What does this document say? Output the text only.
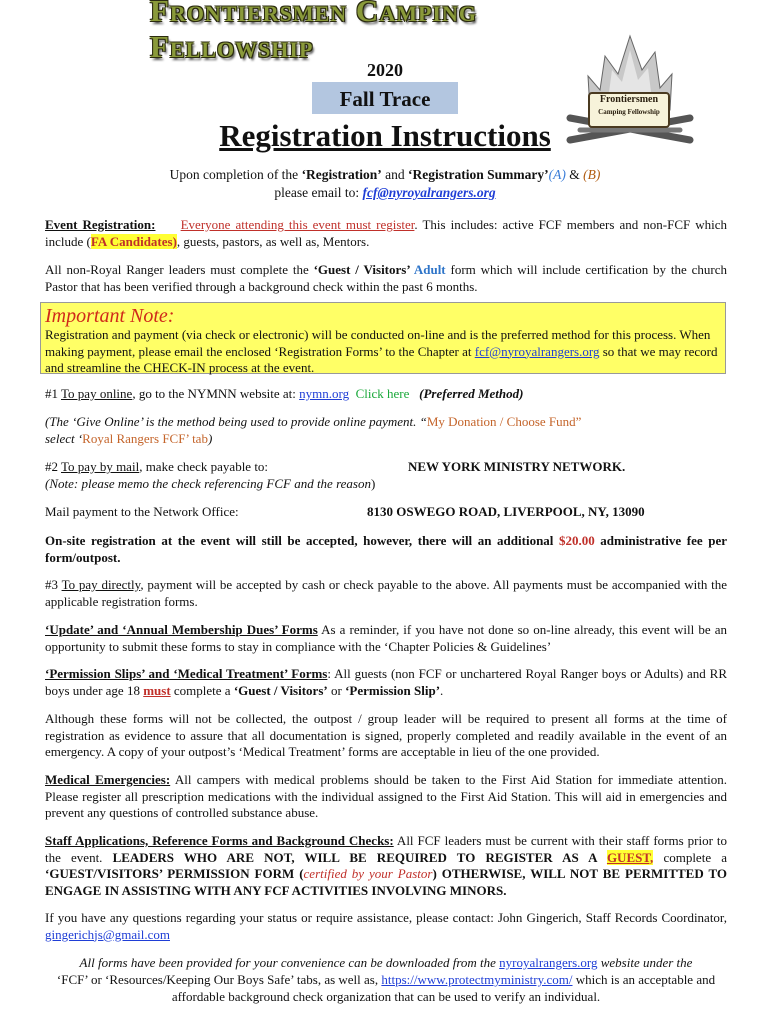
Frontiersmen Camping Fellowship
Frontiersmen
Camping Fellowship
2020
Fall Trace
Registration Instructions
Upon completion of the ‘Registration’ and ‘Registration Summary’(A) & (B)
please email to: fcf@nyroyalrangers.org
Event Registration: Everyone attending this event must register. This includes: active FCF members and non-FCF which include (FA Candidates), guests, pastors, as well as, Mentors.
All non-Royal Ranger leaders must complete the ‘Guest / Visitors’ Adult form which will include certification by the church Pastor that has been verified through a background check within the past 6 months.
Important Note:
Registration and payment (via check or electronic) will be conducted on-line and is the preferred method for this process. When making payment, please email the enclosed ‘Registration Forms’ to the Chapter at fcf@nyroyalrangers.org so that we may record and streamline the CHECK-IN process at the event.
#1 To pay online, go to the NYMNN website at: nymn.org Click here (Preferred Method)
(The ‘Give Online’ is the method being used to provide online payment. “My Donation / Choose Fund”
select ‘Royal Rangers FCF’ tab)
#2 To pay by mail, make check payable to:	NEW YORK MINISTRY NETWORK.
(Note: please memo the check referencing FCF and the reason)
Mail payment to the Network Office:	8130 OSWEGO ROAD, LIVERPOOL, NY, 13090
On-site registration at the event will still be accepted, however, there will an additional $20.00 administrative fee per form/outpost.
#3 To pay directly, payment will be accepted by cash or check payable to the above. All payments must be accompanied with the applicable registration forms.
‘Update’ and ‘Annual Membership Dues’ Forms As a reminder, if you have not done so on-line already, this event will be an opportunity to submit these forms to stay in compliance with the ‘Chapter Policies & Guidelines’
‘Permission Slips’ and ‘Medical Treatment’ Forms: All guests (non FCF or unchartered Royal Ranger boys or Adults) and RR boys under age 18 must complete a ‘Guest / Visitors’ or ‘Permission Slip’.
Although these forms will not be collected, the outpost / group leader will be required to present all forms at the time of registration as evidence to assure that all documentation is signed, properly completed and readily available in the event of an emergency. A copy of your outpost’s ‘Medical Treatment’ forms are acceptable in lieu of the one provided.
Medical Emergencies: All campers with medical problems should be taken to the First Aid Station for immediate attention. Please register all prescription medications with the individual assigned to the First Aid Station. This will aid in emergencies and prevent any questions of controlled substance abuse.
Staff Applications, Reference Forms and Background Checks: All FCF leaders must be current with their staff forms prior to the event. LEADERS WHO ARE NOT, WILL BE REQUIRED TO REGISTER AS A GUEST, complete a ‘GUEST/VISITORS’ PERMISSION FORM (certified by your Pastor) OTHERWISE, WILL NOT BE PERMITTED TO ENGAGE IN ASSISTING WITH ANY FCF ACTIVITIES INVOLVING MINORS.
If you have any questions regarding your status or require assistance, please contact: John Gingerich, Staff Records Coordinator, gingerichjs@gmail.com
All forms have been provided for your convenience can be downloaded from the nyroyalrangers.org website under the
‘FCF’ or ‘Resources/Keeping Our Boys Safe’ tabs, as well as, https://www.protectmyministry.com/ which is an acceptable and affordable background check organization that can be used to verify an individual.
